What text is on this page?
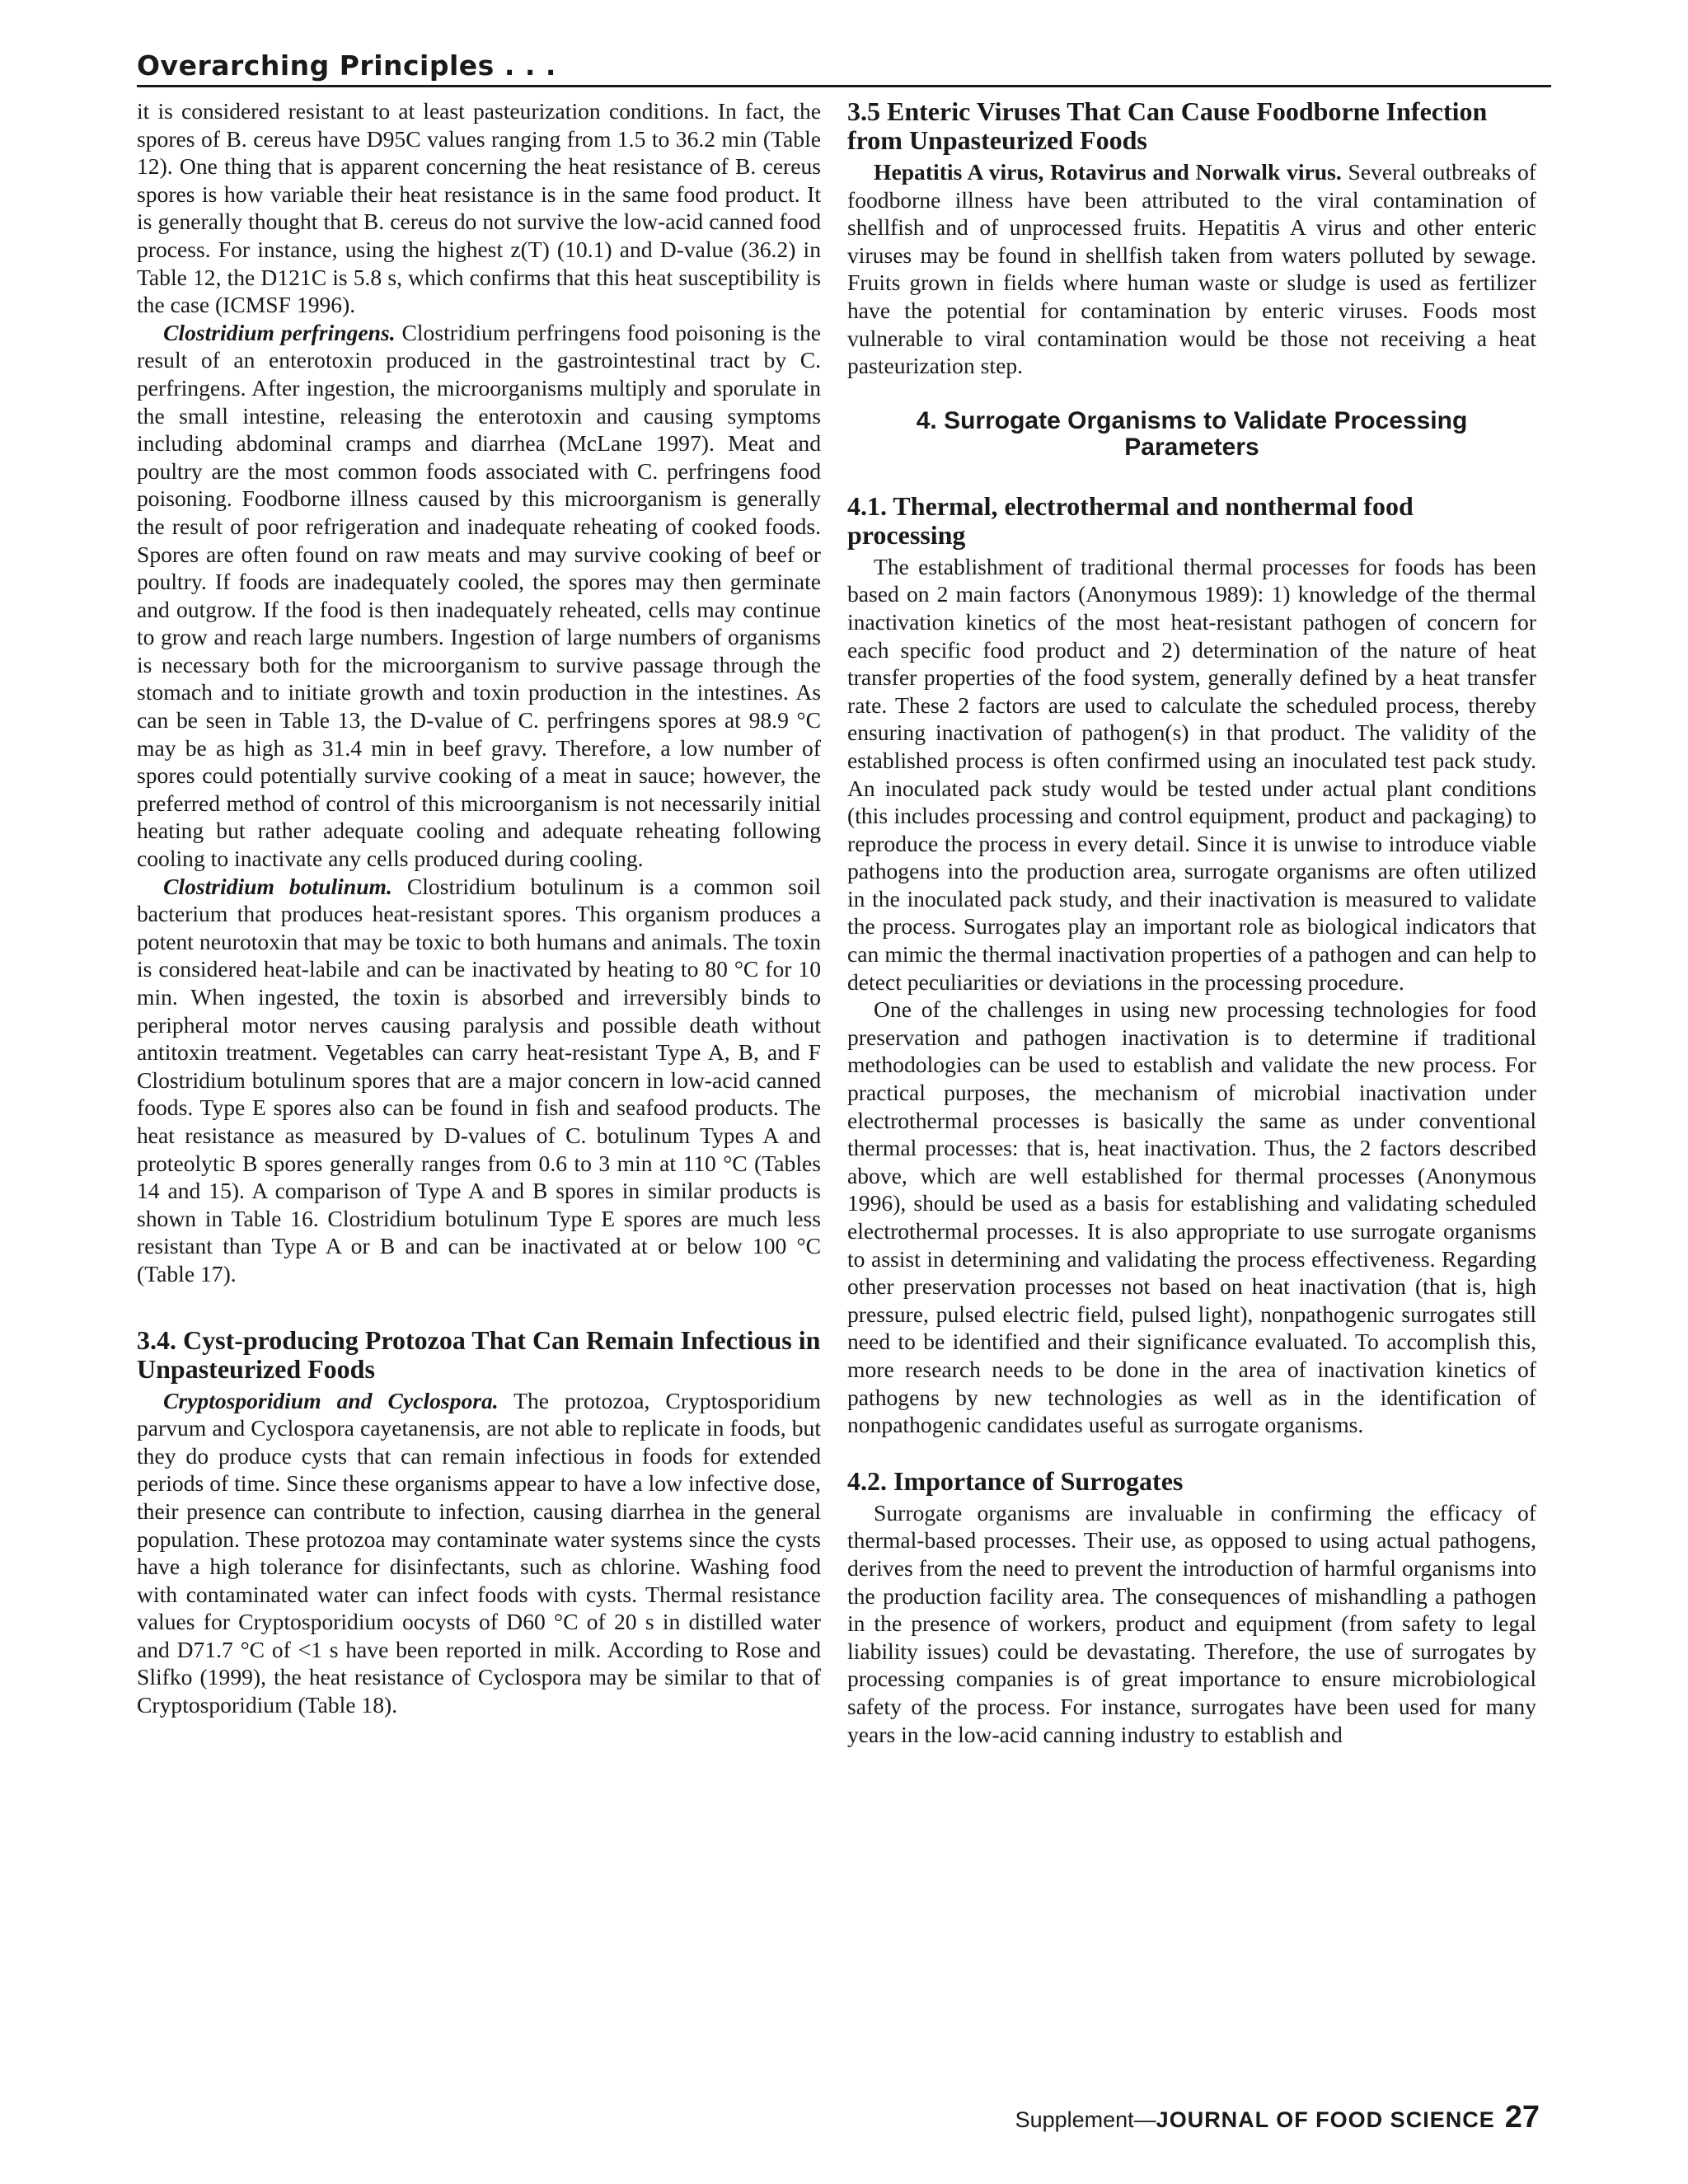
Overarching Principles . . .

it is considered resistant to at least pasteurization conditions. In fact, the spores of B. cereus have D95C values ranging from 1.5 to 36.2 min (Table 12). One thing that is apparent concerning the heat resistance of B. cereus spores is how variable their heat resistance is in the same food product. It is generally thought that B. cereus do not survive the low-acid canned food process. For instance, using the highest z(T) (10.1) and D-value (36.2) in Table 12, the D121C is 5.8 s, which confirms that this heat susceptibility is the case (ICMSF 1996).

Clostridium perfringens. Clostridium perfringens food poisoning is the result of an enterotoxin produced in the gastrointestinal tract by C. perfringens. After ingestion, the microorganisms multiply and sporulate in the small intestine, releasing the enterotoxin and causing symptoms including abdominal cramps and diarrhea (McLane 1997). Meat and poultry are the most common foods associated with C. perfringens food poisoning. Foodborne illness caused by this microorganism is generally the result of poor refrigeration and inadequate reheating of cooked foods. Spores are often found on raw meats and may survive cooking of beef or poultry. If foods are inadequately cooled, the spores may then germinate and outgrow. If the food is then inadequately reheated, cells may continue to grow and reach large numbers. Ingestion of large numbers of organisms is necessary both for the microorganism to survive passage through the stomach and to initiate growth and toxin production in the intestines. As can be seen in Table 13, the D-value of C. perfringens spores at 98.9 °C may be as high as 31.4 min in beef gravy. Therefore, a low number of spores could potentially survive cooking of a meat in sauce; however, the preferred method of control of this microorganism is not necessarily initial heating but rather adequate cooling and adequate reheating following cooling to inactivate any cells produced during cooling.

Clostridium botulinum. Clostridium botulinum is a common soil bacterium that produces heat-resistant spores. This organism produces a potent neurotoxin that may be toxic to both humans and animals. The toxin is considered heat-labile and can be inactivated by heating to 80 °C for 10 min. When ingested, the toxin is absorbed and irreversibly binds to peripheral motor nerves causing paralysis and possible death without antitoxin treatment. Vegetables can carry heat-resistant Type A, B, and F Clostridium botulinum spores that are a major concern in low-acid canned foods. Type E spores also can be found in fish and seafood products. The heat resistance as measured by D-values of C. botulinum Types A and proteolytic B spores generally ranges from 0.6 to 3 min at 110 °C (Tables 14 and 15). A comparison of Type A and B spores in similar products is shown in Table 16. Clostridium botulinum Type E spores are much less resistant than Type A or B and can be inactivated at or below 100 °C (Table 17).

3.4. Cyst-producing Protozoa That Can Remain Infectious in Unpasteurized Foods

Cryptosporidium and Cyclospora. The protozoa, Cryptosporidium parvum and Cyclospora cayetanensis, are not able to replicate in foods, but they do produce cysts that can remain infectious in foods for extended periods of time. Since these organisms appear to have a low infective dose, their presence can contribute to infection, causing diarrhea in the general population. These protozoa may contaminate water systems since the cysts have a high tolerance for disinfectants, such as chlorine. Washing food with contaminated water can infect foods with cysts. Thermal resistance values for Cryptosporidium oocysts of D60 °C of 20 s in distilled water and D71.7 °C of <1 s have been reported in milk. According to Rose and Slifko (1999), the heat resistance of Cyclospora may be similar to that of Cryptosporidium (Table 18).

3.5 Enteric Viruses That Can Cause Foodborne Infection from Unpasteurized Foods

Hepatitis A virus, Rotavirus and Norwalk virus. Several outbreaks of foodborne illness have been attributed to the viral contamination of shellfish and of unprocessed fruits. Hepatitis A virus and other enteric viruses may be found in shellfish taken from waters polluted by sewage. Fruits grown in fields where human waste or sludge is used as fertilizer have the potential for contamination by enteric viruses. Foods most vulnerable to viral contamination would be those not receiving a heat pasteurization step.

4. Surrogate Organisms to Validate Processing Parameters
4.1. Thermal, electrothermal and nonthermal food processing

The establishment of traditional thermal processes for foods has been based on 2 main factors (Anonymous 1989): 1) knowledge of the thermal inactivation kinetics of the most heat-resistant pathogen of concern for each specific food product and 2) determination of the nature of heat transfer properties of the food system, generally defined by a heat transfer rate. These 2 factors are used to calculate the scheduled process, thereby ensuring inactivation of pathogen(s) in that product. The validity of the established process is often confirmed using an inoculated test pack study. An inoculated pack study would be tested under actual plant conditions (this includes processing and control equipment, product and packaging) to reproduce the process in every detail. Since it is unwise to introduce viable pathogens into the production area, surrogate organisms are often utilized in the inoculated pack study, and their inactivation is measured to validate the process. Surrogates play an important role as biological indicators that can mimic the thermal inactivation properties of a pathogen and can help to detect peculiarities or deviations in the processing procedure.

One of the challenges in using new processing technologies for food preservation and pathogen inactivation is to determine if traditional methodologies can be used to establish and validate the new process. For practical purposes, the mechanism of microbial inactivation under electrothermal processes is basically the same as under conventional thermal processes: that is, heat inactivation. Thus, the 2 factors described above, which are well established for thermal processes (Anonymous 1996), should be used as a basis for establishing and validating scheduled electrothermal processes. It is also appropriate to use surrogate organisms to assist in determining and validating the process effectiveness. Regarding other preservation processes not based on heat inactivation (that is, high pressure, pulsed electric field, pulsed light), nonpathogenic surrogates still need to be identified and their significance evaluated. To accomplish this, more research needs to be done in the area of inactivation kinetics of pathogens by new technologies as well as in the identification of nonpathogenic candidates useful as surrogate organisms.

4.2. Importance of Surrogates

Surrogate organisms are invaluable in confirming the efficacy of thermal-based processes. Their use, as opposed to using actual pathogens, derives from the need to prevent the introduction of harmful organisms into the production facility area. The consequences of mishandling a pathogen in the presence of workers, product and equipment (from safety to legal liability issues) could be devastating. Therefore, the use of surrogates by processing companies is of great importance to ensure microbiological safety of the process. For instance, surrogates have been used for many years in the low-acid canning industry to establish and

Supplement—JOURNAL OF FOOD SCIENCE 27
